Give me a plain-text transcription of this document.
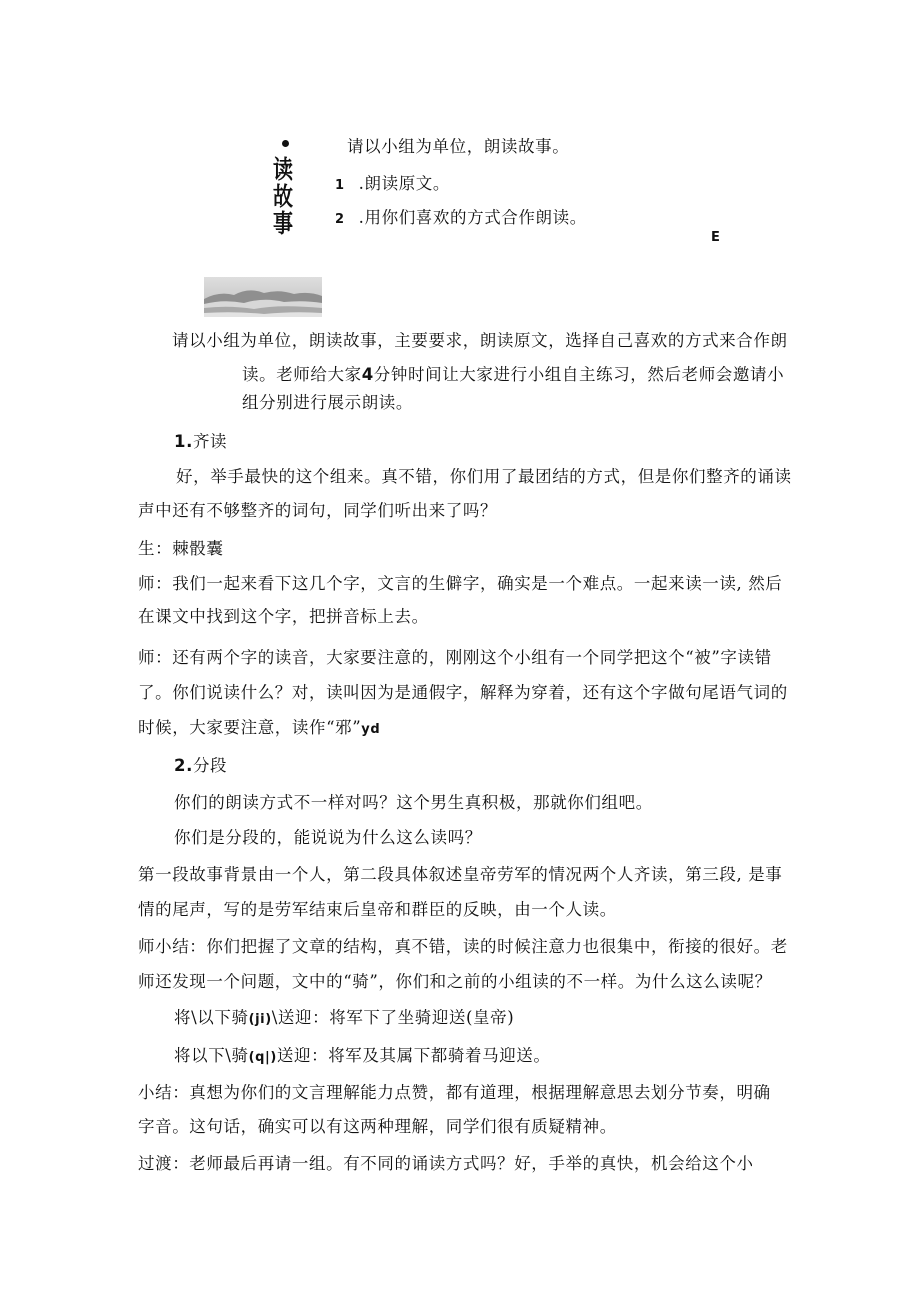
读故事
请以小组为单位，朗读故事。
1 .朗读原文。
2 .用你们喜欢的方式合作朗读。
E
请以小组为单位，朗读故事，主要要求，朗读原文，选择自己喜欢的方式来合作朗
读。老师给大家4分钟时间让大家进行小组自主练习，然后老师会邀请小
组分别进行展示朗读。
1.齐读
好，举手最快的这个组来。真不错，你们用了最团结的方式，但是你们整齐的诵读
声中还有不够整齐的词句，同学们听出来了吗？
生：棘骰囊
师：我们一起来看下这几个字，文言的生僻字，确实是一个难点。一起来读一读, 然后
在课文中找到这个字，把拼音标上去。
师：还有两个字的读音，大家要注意的，刚刚这个小组有一个同学把这个“被”字读错
了。你们说读什么？对，读叫因为是通假字，解释为穿着，还有这个字做句尾语气词的
时候，大家要注意，读作“邪”yd
2.分段
你们的朗读方式不一样对吗？这个男生真积极，那就你们组吧。
你们是分段的，能说说为什么这么读吗？
第一段故事背景由一个人，第二段具体叙述皇帝劳军的情况两个人齐读，第三段, 是事
情的尾声，写的是劳军结束后皇帝和群臣的反映，由一个人读。
师小结：你们把握了文章的结构，真不错，读的时候注意力也很集中，衔接的很好。老
师还发现一个问题，文中的“骑”，你们和之前的小组读的不一样。为什么这么读呢？
将\以下骑(ji)\送迎：将军下了坐骑迎送(皇帝)
将以下\骑(q|)送迎：将军及其属下都骑着马迎送。
小结：真想为你们的文言理解能力点赞，都有道理，根据理解意思去划分节奏，明确
字音。这句话，确实可以有这两种理解，同学们很有质疑精神。
过渡：老师最后再请一组。有不同的诵读方式吗？好，手举的真快，机会给这个小
